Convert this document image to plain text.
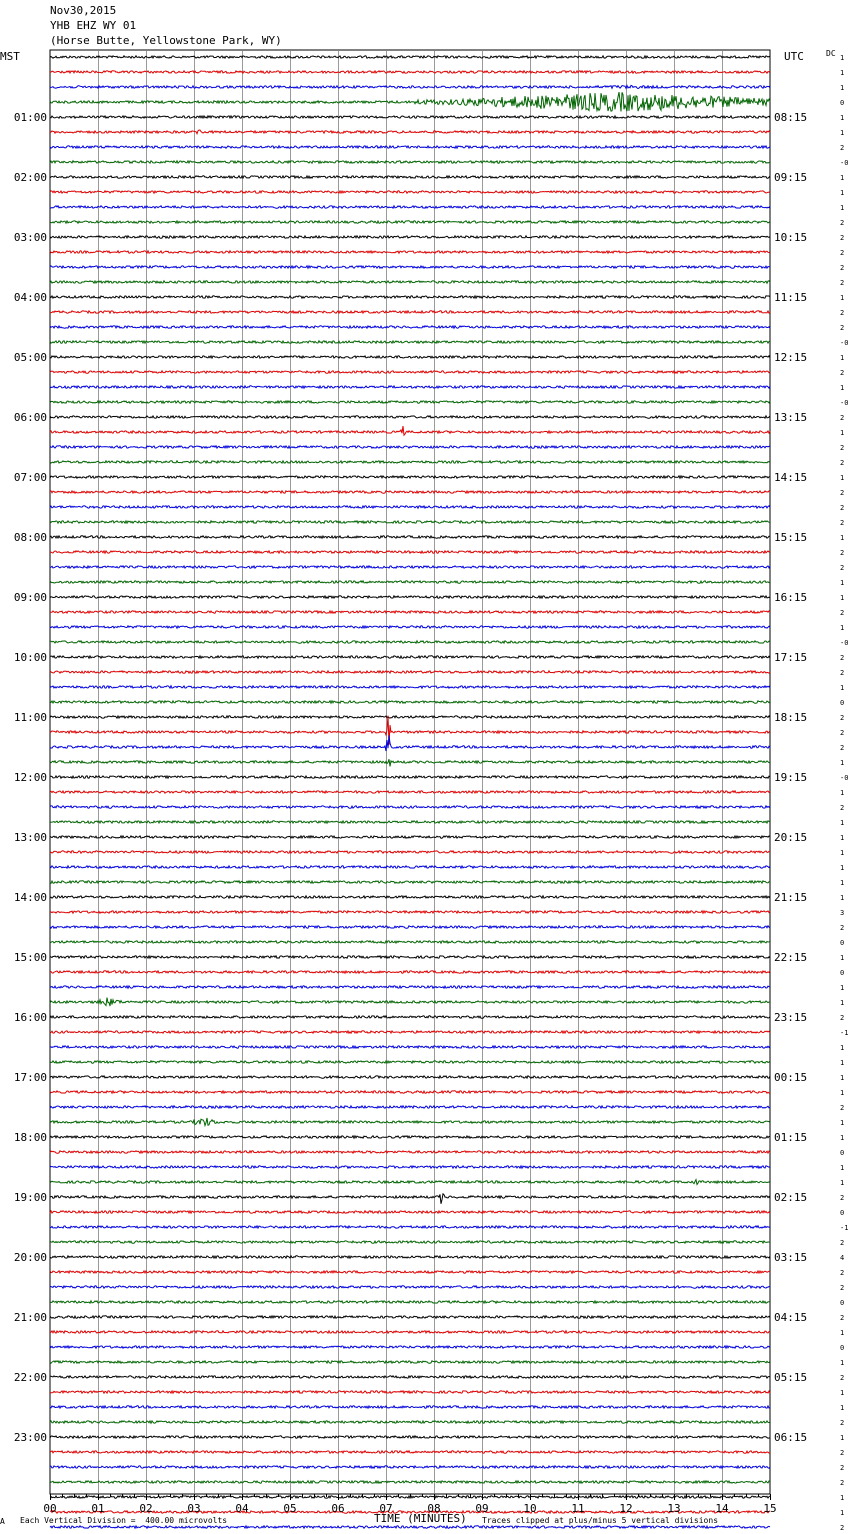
Nov30,2015
YHB EHZ WY 01
(Horse Butte, Yellowstone Park, WY)
MST	UTC	DC 1
1
1
0
1
1
2
-0
1
1
1
2
2
2
2
2
1
2
2
-0
1
2
1
-0
2
1
2
2
1
2
2
2
1
2
2
1
1
2
1
-0
2
2
1
0
2
2
2
1
-0
1
2
1
1
1
1
1
1
3
2
0
1
0
1
1
2
-1
1
1
1
1
2
1
1
0
1
1
2
0
-1
2
4
2
2
0
2
1
0
1
2
1
1
2
1
2
2
2
1
1
2
01:00
02:00
03:00
04:00
05:00
06:00
07:00
08:00
09:00
10:00
11:00
12:00
13:00
14:00
15:00
16:00
17:00
18:00
19:00
20:00
21:00
22:00
23:00
08:15
09:15
10:15
11:15
12:15
13:15
14:15
15:15
16:15
17:15
18:15
19:15
20:15
21:15
22:15
23:15
00:15
01:15
02:15
03:15
04:15
05:15
06:15
00	01	02	03	04	05	06	07	08	09	10	11	12	13	14	15
A Each Vertical Division =  400.00 microvolts	TIME (MINUTES) Traces clipped at plus/minus 5 vertical divisions
